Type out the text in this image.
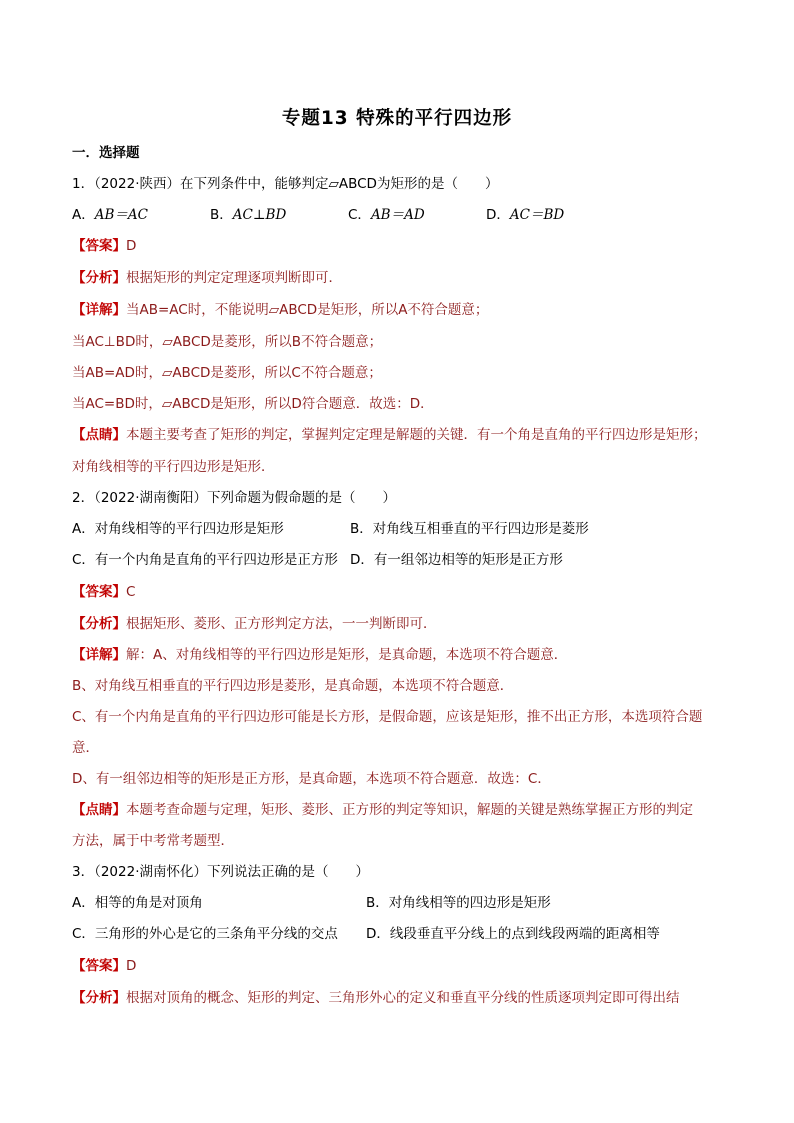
专题13 特殊的平行四边形
一．选择题
1．（2022·陕西）在下列条件中，能够判定▱ABCD为矩形的是（　　）
A．AB＝AC	B．AC⊥BD	C．AB＝AD	D．AC＝BD
【答案】D
【分析】根据矩形的判定定理逐项判断即可．
【详解】当AB=AC时，不能说明▱ABCD是矩形，所以A不符合题意；
当AC⊥BD时，▱ABCD是菱形，所以B不符合题意；
当AB=AD时，▱ABCD是菱形，所以C不符合题意；
当AC=BD时，▱ABCD是矩形，所以D符合题意．故选：D．
【点睛】本题主要考查了矩形的判定，掌握判定定理是解题的关键．有一个角是直角的平行四边形是矩形；
对角线相等的平行四边形是矩形．
2．（2022·湖南衡阳）下列命题为假命题的是（　　）
A．对角线相等的平行四边形是矩形	B．对角线互相垂直的平行四边形是菱形
C．有一个内角是直角的平行四边形是正方形 D．有一组邻边相等的矩形是正方形
【答案】C
【分析】根据矩形、菱形、正方形判定方法，一一判断即可．
【详解】解：A、对角线相等的平行四边形是矩形，是真命题，本选项不符合题意．
B、对角线互相垂直的平行四边形是菱形，是真命题，本选项不符合题意．
C、有一个内角是直角的平行四边形可能是长方形，是假命题，应该是矩形，推不出正方形，本选项符合题
意．
D、有一组邻边相等的矩形是正方形，是真命题，本选项不符合题意．故选：C．
【点睛】本题考查命题与定理，矩形、菱形、正方形的判定等知识，解题的关键是熟练掌握正方形的判定
方法，属于中考常考题型．
3．（2022·湖南怀化）下列说法正确的是（　　）
A．相等的角是对顶角	B．对角线相等的四边形是矩形
C．三角形的外心是它的三条角平分线的交点 D．线段垂直平分线上的点到线段两端的距离相等
【答案】D
【分析】根据对顶角的概念、矩形的判定、三角形外心的定义和垂直平分线的性质逐项判定即可得出结
